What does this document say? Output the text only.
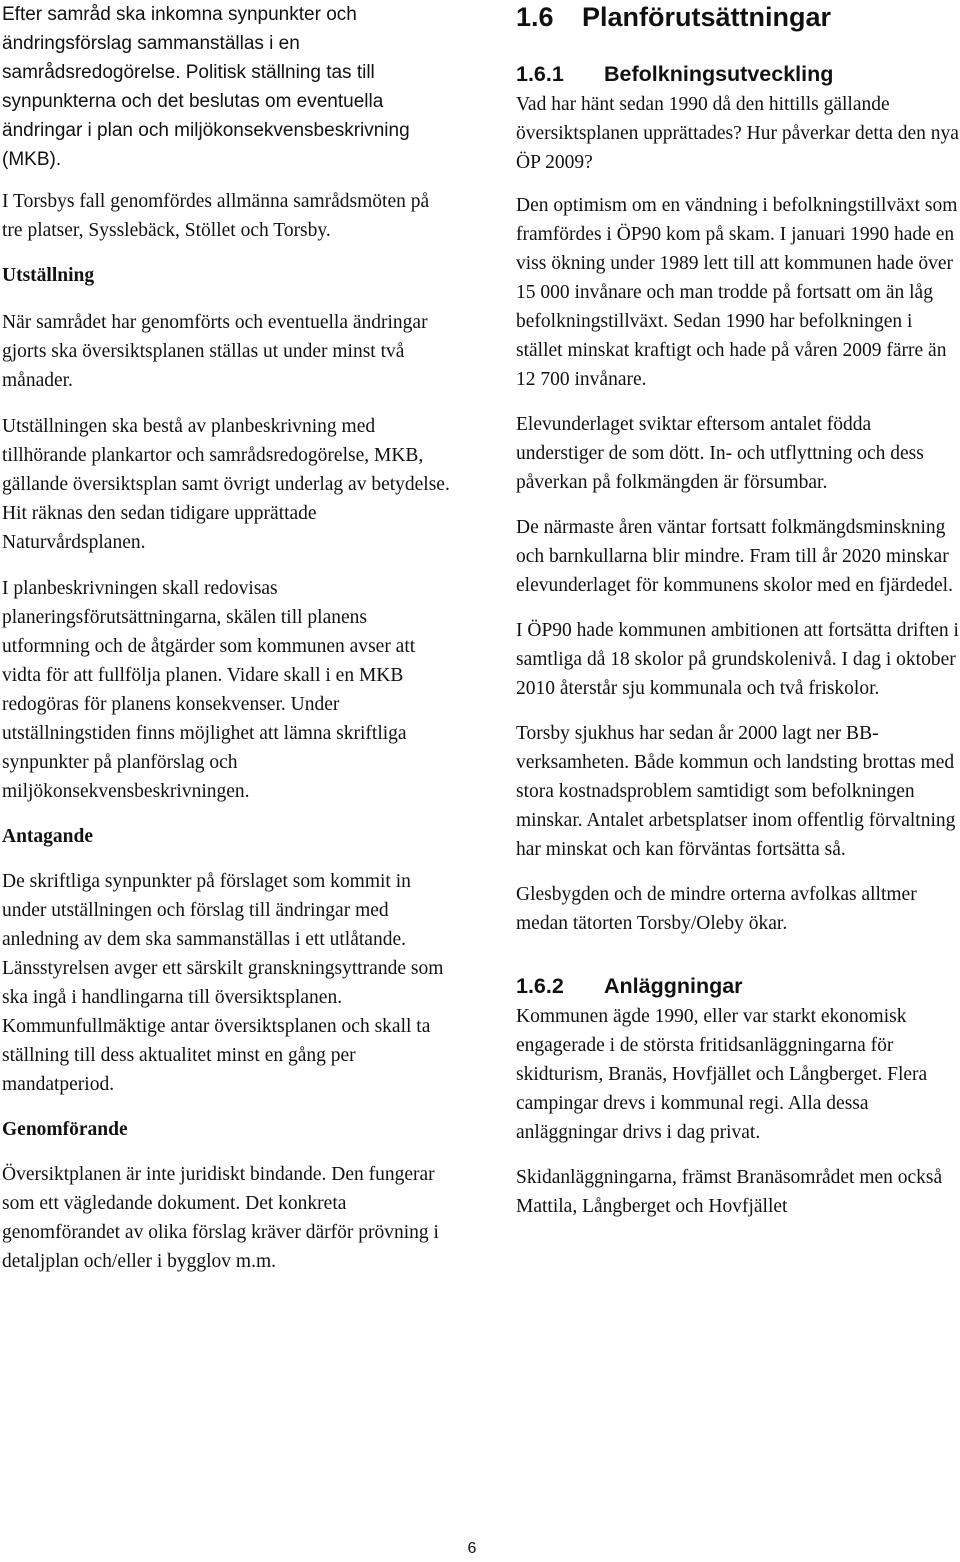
Efter samråd ska inkomna synpunkter och ändringsförslag sammanställas i en samrådsredogörelse. Politisk ställning tas till synpunkterna och det beslutas om eventuella ändringar i plan och miljökonsekvensbeskrivning (MKB).

I Torsbys fall genomfördes allmänna samrådsmöten på tre platser, Sysslebäck, Stöllet och Torsby.

Utställning

När samrådet har genomförts och eventuella ändringar gjorts ska översiktsplanen ställas ut under minst två månader.

Utställningen ska bestå av planbeskrivning med tillhörande plankartor och samrådsredogörelse, MKB, gällande översiktsplan samt övrigt underlag av betydelse. Hit räknas den sedan tidigare upprättade Naturvårdsplanen.

I planbeskrivningen skall redovisas planeringsförutsättningarna, skälen till planens utformning och de åtgärder som kommunen avser att vidta för att fullfölja planen. Vidare skall i en MKB redogöras för planens konsekvenser. Under utställningstiden finns möjlighet att lämna skriftliga synpunkter på planförslag och miljökonsekvensbeskrivningen.

Antagande

De skriftliga synpunkter på förslaget som kommit in under utställningen och förslag till ändringar med anledning av dem ska sammanställas i ett utlåtande. Länsstyrelsen avger ett särskilt granskningsyttrande som ska ingå i handlingarna till översiktsplanen. Kommunfullmäktige antar översiktsplanen och skall ta ställning till dess aktualitet minst en gång per mandatperiod.

Genomförande

Översiktplanen är inte juridiskt bindande. Den fungerar som ett vägledande dokument. Det konkreta genomförandet av olika förslag kräver därför prövning i detaljplan och/eller i bygglov m.m.

1.6	Planförutsättningar
1.6.1	Befolkningsutveckling

Vad har hänt sedan 1990 då den hittills gällande översiktsplanen upprättades? Hur påverkar detta den nya ÖP 2009?

Den optimism om en vändning i befolkningstillväxt som framfördes i ÖP90 kom på skam. I januari 1990 hade en viss ökning under 1989 lett till att kommunen hade över 15 000 invånare och man trodde på fortsatt om än låg befolkningstillväxt. Sedan 1990 har befolkningen i stället minskat kraftigt och hade på våren 2009 färre än 12 700 invånare.

Elevunderlaget sviktar eftersom antalet födda understiger de som dött. In- och utflyttning och dess påverkan på folkmängden är försumbar.

De närmaste åren väntar fortsatt folkmängdsminskning och barnkullarna blir mindre. Fram till år 2020 minskar elevunderlaget för kommunens skolor med en fjärdedel.

I ÖP90 hade kommunen ambitionen att fortsätta driften i samtliga då 18 skolor på grundskolenivå. I dag i oktober 2010 återstår sju kommunala och två friskolor.

Torsby sjukhus har sedan år 2000 lagt ner BB-verksamheten. Både kommun och landsting brottas med stora kostnadsproblem samtidigt som befolkningen minskar. Antalet arbetsplatser inom offentlig förvaltning har minskat och kan förväntas fortsätta så.

Glesbygden och de mindre orterna avfolkas alltmer medan tätorten Torsby/Oleby ökar.

1.6.2	Anläggningar

Kommunen ägde 1990, eller var starkt ekonomisk engagerade i de största fritidsanläggningarna för skidturism, Branäs, Hovfjället och Långberget. Flera campingar drevs i kommunal regi. Alla dessa anläggningar drivs i dag privat.

Skidanläggningarna, främst Branäsområdet men också Mattila, Långberget och Hovfjället

6
